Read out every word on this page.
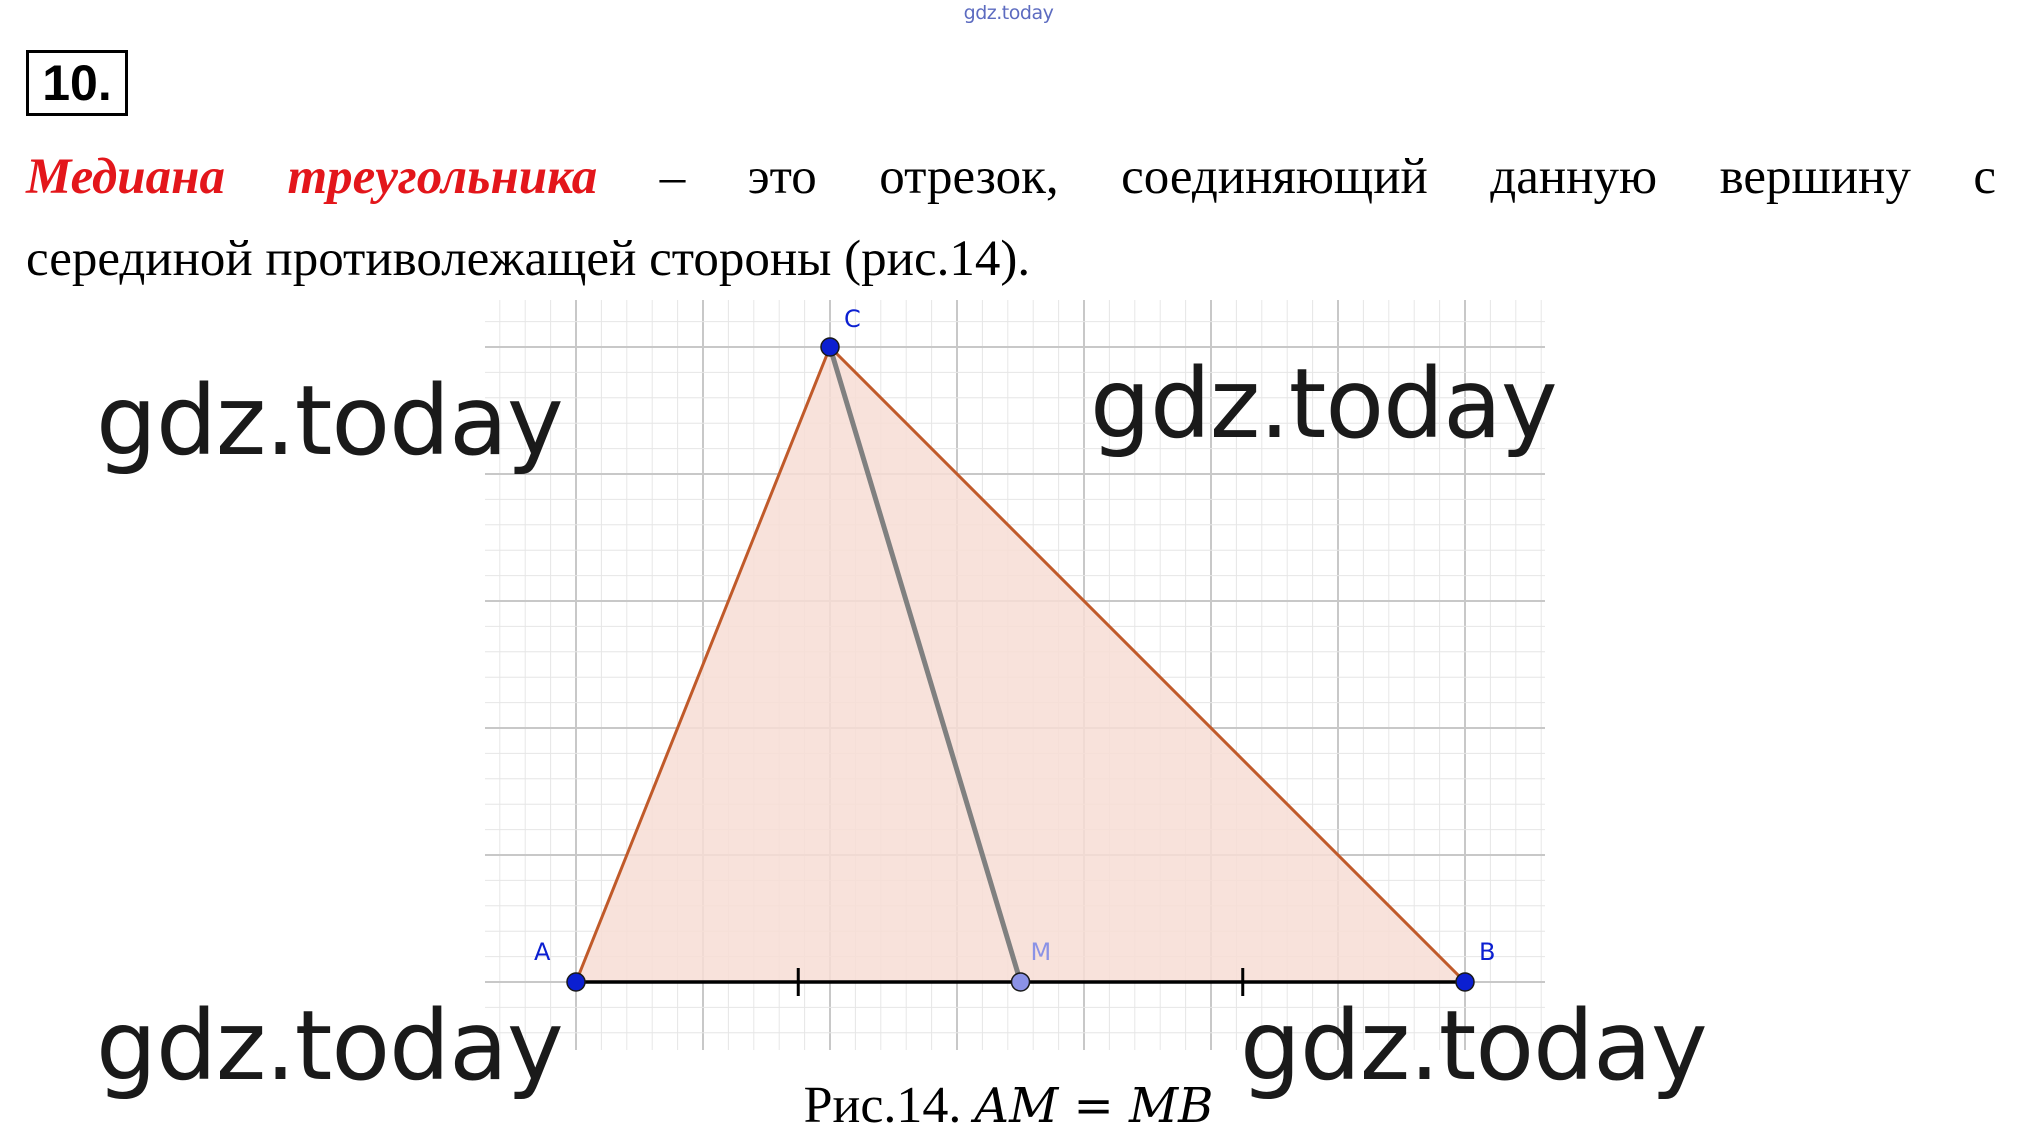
gdz.today
10.
Медиана треугольника – это отрезок, соединяющий данную вершину с
серединой противолежащей стороны (рис.14).
A	B
C
M
Рис.14. AM = MB
gdz.today	gdz.today
gdz.today	gdz.today
